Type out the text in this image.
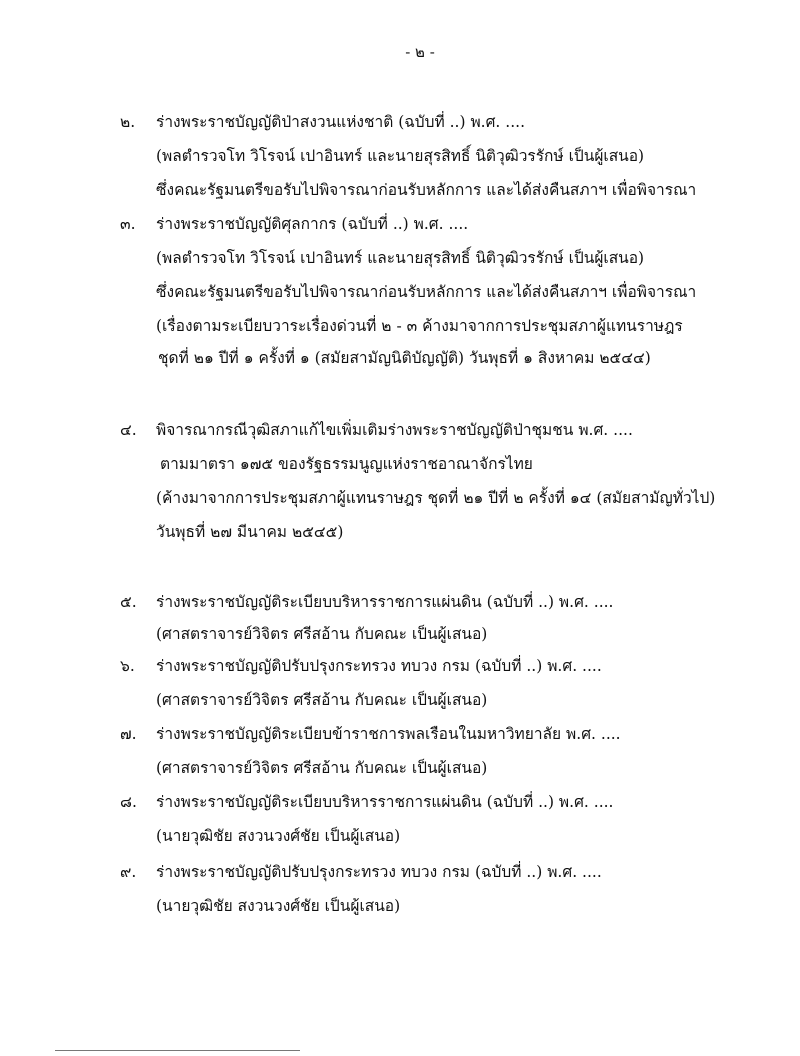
- ๒ -
๒.	ร่างพระราชบัญญัติป่าสงวนแห่งชาติ (ฉบับที่ ..) พ.ศ. ....
(พลตำรวจโท วิโรจน์ เปาอินทร์ และนายสุรสิทธิ์ นิติวุฒิวรรักษ์ เป็นผู้เสนอ)
ซึ่งคณะรัฐมนตรีขอรับไปพิจารณาก่อนรับหลักการ และได้ส่งคืนสภาฯ เพื่อพิจารณา
๓.	ร่างพระราชบัญญัติศุลกากร (ฉบับที่ ..) พ.ศ. ....
(พลตำรวจโท วิโรจน์ เปาอินทร์ และนายสุรสิทธิ์ นิติวุฒิวรรักษ์ เป็นผู้เสนอ)
ซึ่งคณะรัฐมนตรีขอรับไปพิจารณาก่อนรับหลักการ และได้ส่งคืนสภาฯ เพื่อพิจารณา
(เรื่องตามระเบียบวาระเรื่องด่วนที่ ๒ - ๓ ค้างมาจากการประชุมสภาผู้แทนราษฎร
ชุดที่ ๒๑ ปีที่ ๑ ครั้งที่ ๑ (สมัยสามัญนิติบัญญัติ) วันพุธที่ ๑ สิงหาคม ๒๕๔๔)
๔.	พิจารณากรณีวุฒิสภาแก้ไขเพิ่มเติมร่างพระราชบัญญัติป่าชุมชน พ.ศ. ....
ตามมาตรา ๑๗๕ ของรัฐธรรมนูญแห่งราชอาณาจักรไทย
(ค้างมาจากการประชุมสภาผู้แทนราษฎร ชุดที่ ๒๑ ปีที่ ๒ ครั้งที่ ๑๔ (สมัยสามัญทั่วไป)
วันพุธที่ ๒๗ มีนาคม ๒๕๔๕)
๕.	ร่างพระราชบัญญัติระเบียบบริหารราชการแผ่นดิน (ฉบับที่ ..) พ.ศ. ....
(ศาสตราจารย์วิจิตร ศรีสอ้าน กับคณะ เป็นผู้เสนอ)
๖.	ร่างพระราชบัญญัติปรับปรุงกระทรวง ทบวง กรม (ฉบับที่ ..) พ.ศ. ....
(ศาสตราจารย์วิจิตร ศรีสอ้าน กับคณะ เป็นผู้เสนอ)
๗.	ร่างพระราชบัญญัติระเบียบข้าราชการพลเรือนในมหาวิทยาลัย พ.ศ. ....
(ศาสตราจารย์วิจิตร ศรีสอ้าน กับคณะ เป็นผู้เสนอ)
๘.	ร่างพระราชบัญญัติระเบียบบริหารราชการแผ่นดิน (ฉบับที่ ..) พ.ศ. ....
(นายวุฒิชัย สงวนวงศ์ชัย เป็นผู้เสนอ)
๙.	ร่างพระราชบัญญัติปรับปรุงกระทรวง ทบวง กรม (ฉบับที่ ..) พ.ศ. ....
(นายวุฒิชัย สงวนวงศ์ชัย เป็นผู้เสนอ)
